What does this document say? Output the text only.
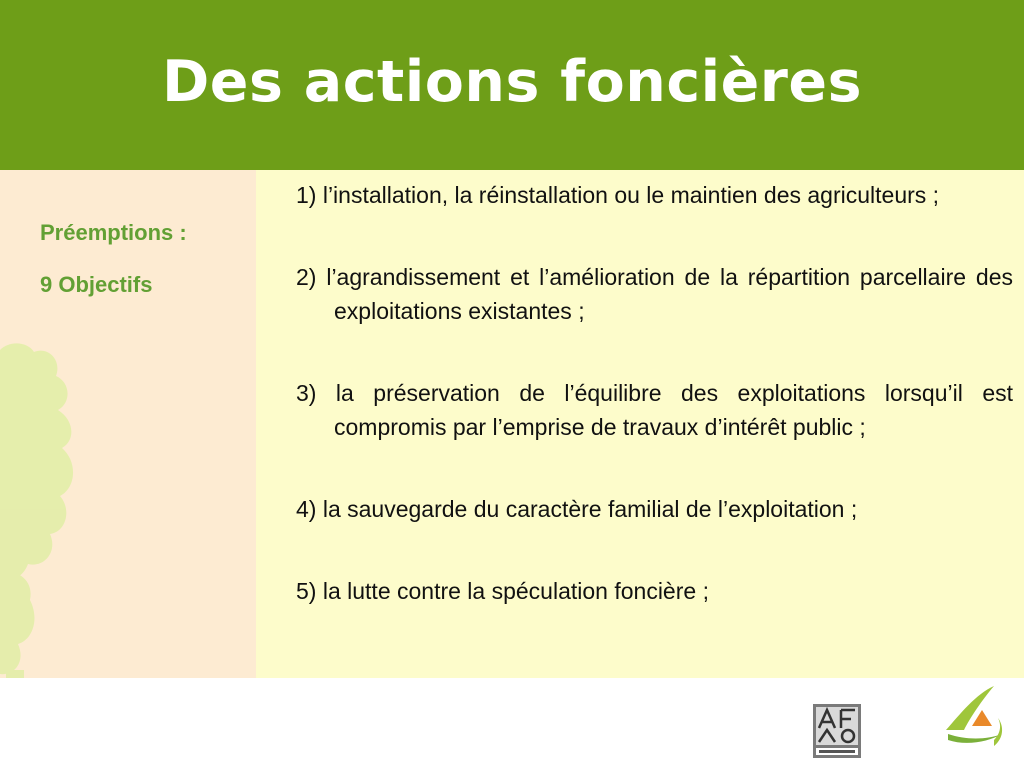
Des actions foncières
Préemptions :
9 Objectifs
1) l’installation, la réinstallation ou le maintien des agriculteurs ;
2) l’agrandissement et l’amélioration de la répartition parcellaire des exploitations existantes ;
3) la préservation de l’équilibre des exploitations lorsqu’il est compromis par l’emprise de travaux d’intérêt public ;
4) la sauvegarde du caractère familial de l’exploitation ;
5) la lutte contre la spéculation foncière ;
